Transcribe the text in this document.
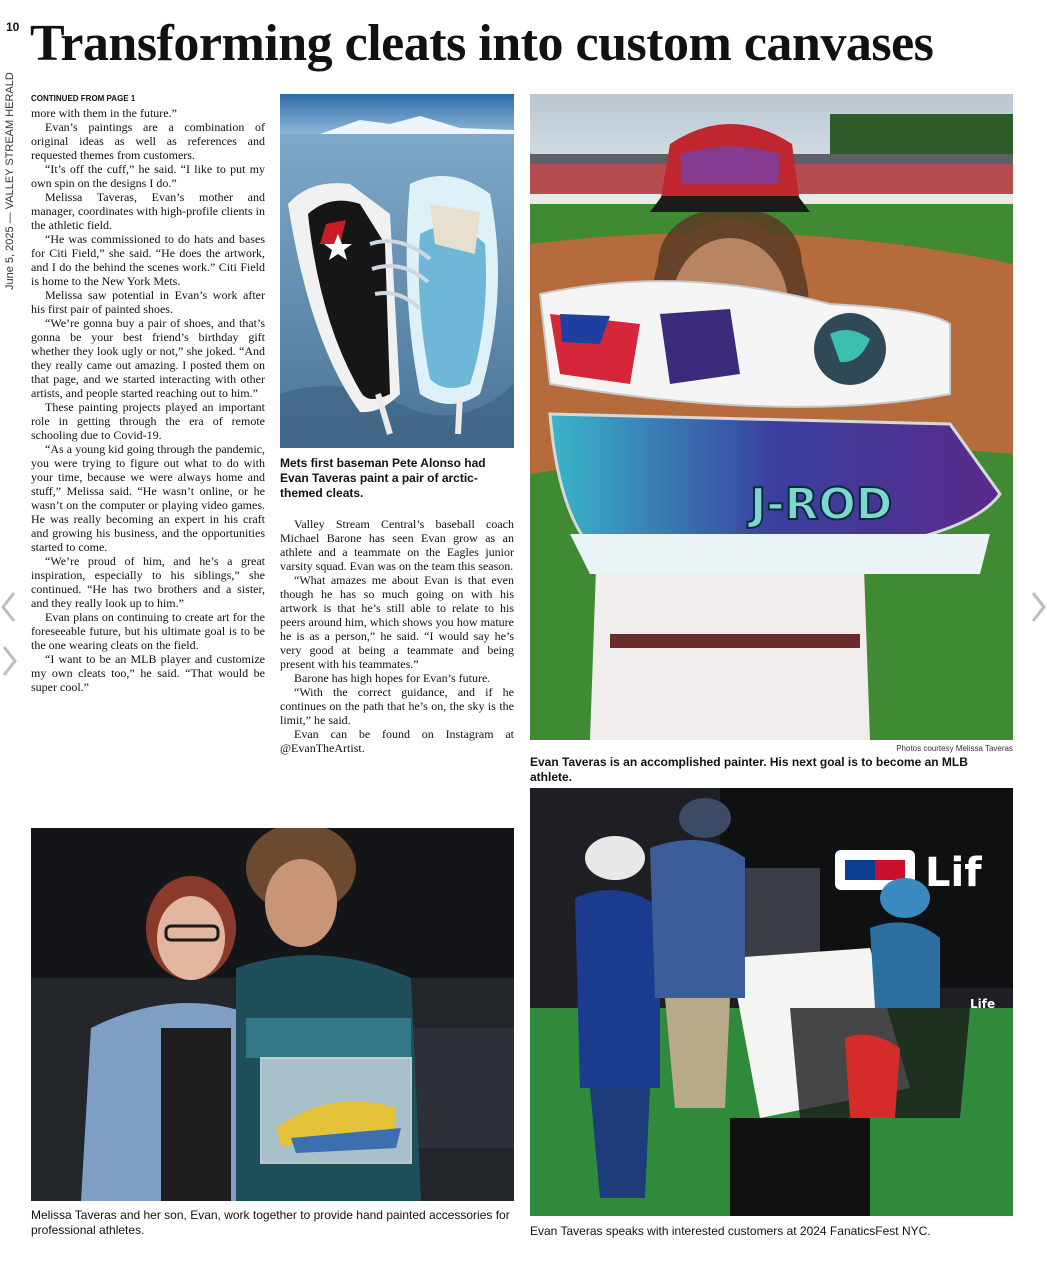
10 Transforming cleats into custom canvases
June 5, 2025 — VALLEY STREAM HERALD CONTINUED FROM PAGE 1

more with them in the future.”

Evan’s paintings are a combination of original ideas as well as references and requested themes from customers.

“It’s off the cuff,” he said. “I like to put my own spin on the designs I do.”

Melissa Taveras, Evan’s mother and manager, coordinates with high-profile clients in the athletic field.

“He was commissioned to do hats and bases for Citi Field,” she said. “He does the artwork, and I do the behind the scenes work.” Citi Field is home to the New York Mets.

Melissa saw potential in Evan’s work after his first pair of painted shoes.

“We’re gonna buy a pair of shoes, and that’s gonna be your best friend’s birthday gift whether they look ugly or not,” she joked. “And they really came out amazing. I posted them on that page, and we started interacting with other artists, and people started reaching out to him.”

These painting projects played an important role in getting through the era of remote schooling due to Covid-19.

“As a young kid going through the pandemic, you were trying to figure out what to do with your time, because we were always home and stuff,” Melissa said. “He wasn’t online, or he wasn’t on the computer or playing video games. He was really becoming an expert in his craft and growing his business, and the opportunities started to come.

“We’re proud of him, and he’s a great inspiration, especially to his siblings,” she continued. “He has two brothers and a sister, and they really look up to him.”

Evan plans on continuing to create art for the foreseeable future, but his ultimate goal is to be the one wearing cleats on the field.

“I want to be an MLB player and customize my own cleats too,” he said. “That would be super cool.”

Mets first baseman Pete Alonso had Evan Taveras paint a pair of arctic-themed cleats.

Valley Stream Central’s baseball coach Michael Barone has seen Evan grow as an athlete and a teammate on the Eagles junior varsity squad. Evan was on the team this season.

“What amazes me about Evan is that even though he has so much going on with his artwork is that he’s still able to relate to his peers around him, which shows you how mature he is as a person,” he said. “I would say he’s very good at being a teammate and being present with his teammates.”

Barone has high hopes for Evan’s future.

“With the correct guidance, and if he continues on the path that he’s on, the sky is the limit,” he said.

Evan can be found on Instagram at @EvanTheArtist.

J-ROD
Photos courtesy Melissa Taveras
Evan Taveras is an accomplished painter. His next goal is to become an MLB athlete.
Melissa Taveras and her son, Evan, work together to provide hand painted accessories for professional athletes.
Lif
Life
Evan Taveras speaks with interested customers at 2024 FanaticsFest NYC.
